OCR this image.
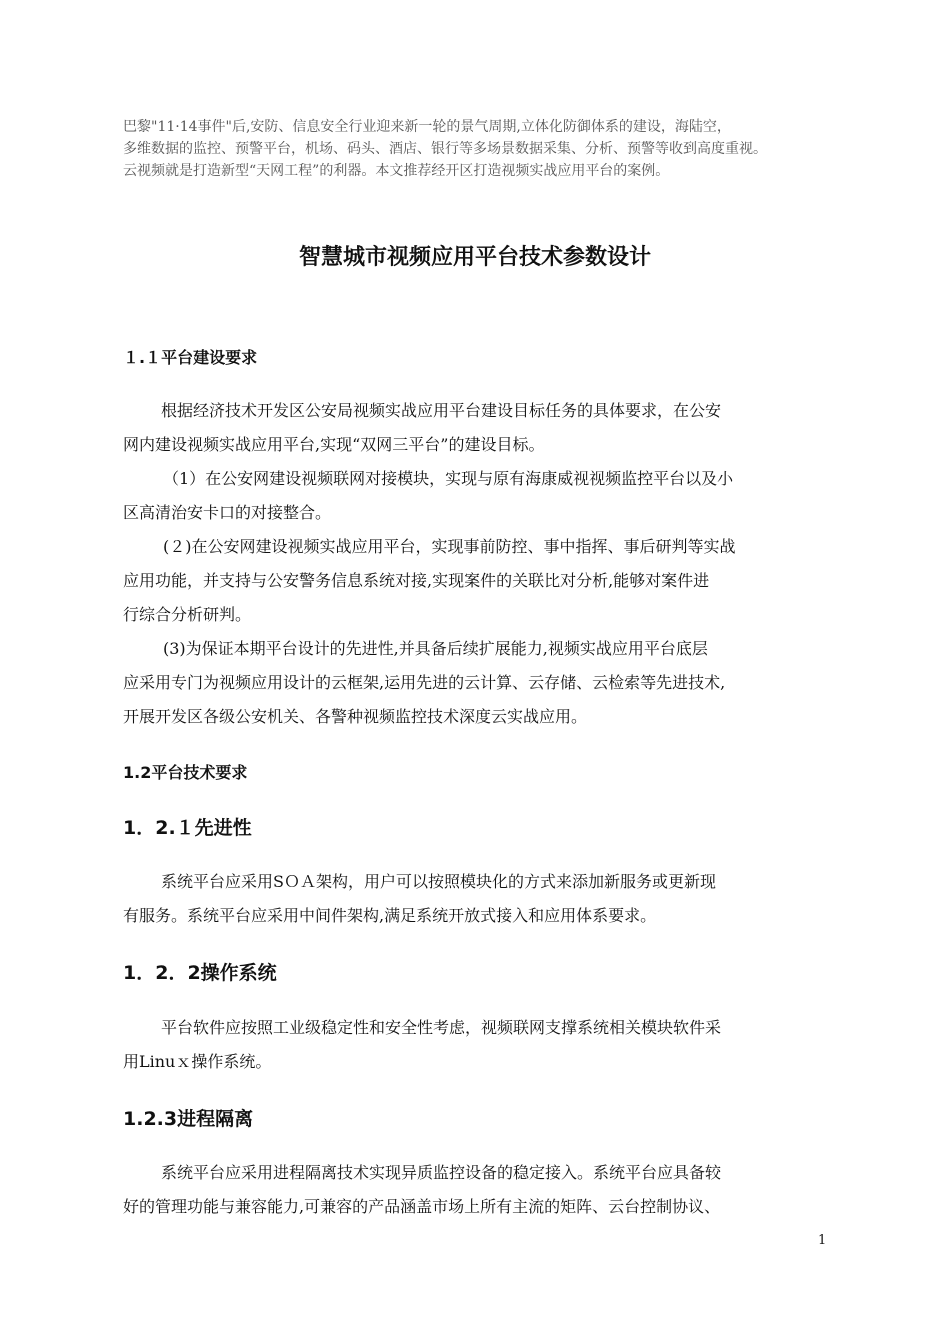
巴黎"11·14事件"后,安防、信息安全行业迎来新一轮的景气周期,立体化防御体系的建设，海陆空，

多维数据的监控、预警平台，机场、码头、酒店、银行等多场景数据采集、分析、预警等收到高度重视。

云视频就是打造新型“天网工程”的利器。本文推荐经开区打造视频实战应用平台的案例。

智慧城市视频应用平台技术参数设计
１.１平台建设要求
根据经济技术开发区公安局视频实战应用平台建设目标任务的具体要求，在公安
网内建设视频实战应用平台,实现“双网三平台”的建设目标。
（1）在公安网建设视频联网对接模块，实现与原有海康威视视频监控平台以及小
区高清治安卡口的对接整合。
(２)在公安网建设视频实战应用平台，实现事前防控、事中指挥、事后研判等实战
应用功能，并支持与公安警务信息系统对接,实现案件的关联比对分析,能够对案件进
行综合分析研判。
(3)为保证本期平台设计的先进性,并具备后续扩展能力,视频实战应用平台底层
应采用专门为视频应用设计的云框架,运用先进的云计算、云存储、云检索等先进技术,
开展开发区各级公安机关、各警种视频监控技术深度云实战应用。
1.2平台技术要求
1．2.１先进性
系统平台应采用SＯＡ架构，用户可以按照模块化的方式来添加新服务或更新现
有服务。系统平台应采用中间件架构,满足系统开放式接入和应用体系要求。
1．2．2操作系统
平台软件应按照工业级稳定性和安全性考虑，视频联网支撑系统相关模块软件采
用Linuｘ操作系统。
1.2.3进程隔离
系统平台应采用进程隔离技术实现异质监控设备的稳定接入。系统平台应具备较
好的管理功能与兼容能力,可兼容的产品涵盖市场上所有主流的矩阵、云台控制协议、
1
